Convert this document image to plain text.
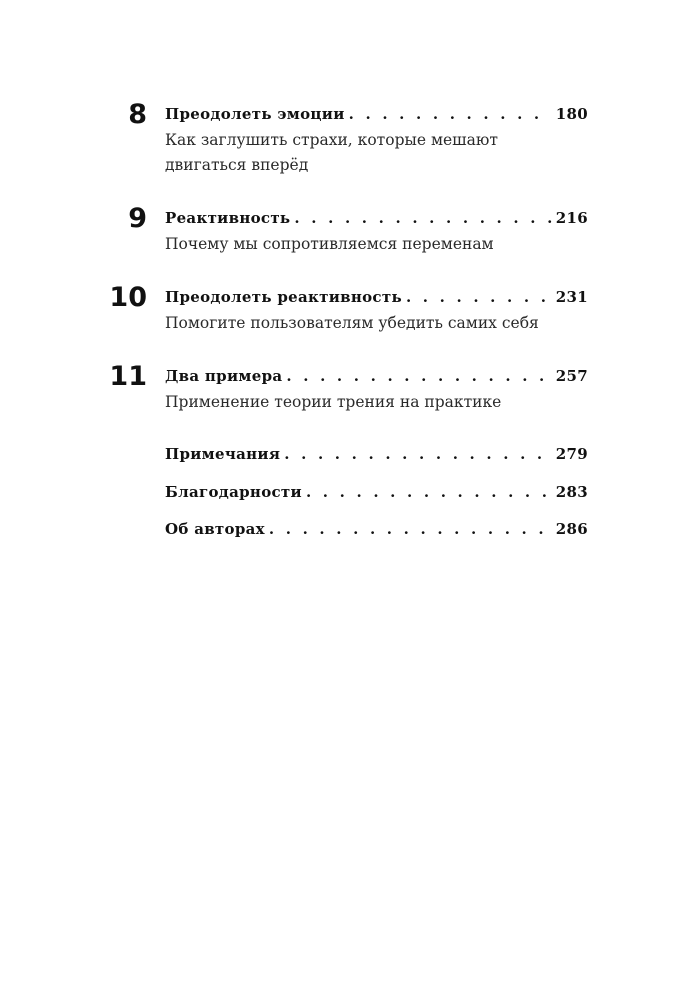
8 Преодолеть эмоции . . .	180
Как заглушить страхи, которые мешают двигаться вперёд
9 Реактивность . . .	216
Почему мы сопротивляемся переменам
10 Преодолеть реактивность . . .	231
Помогите пользователям убедить самих себя
11 Два примера . . .	257
Применение теории трения на практике
Примечания . . .	279
Благодарности . . .	283
Об авторах . . .	286
